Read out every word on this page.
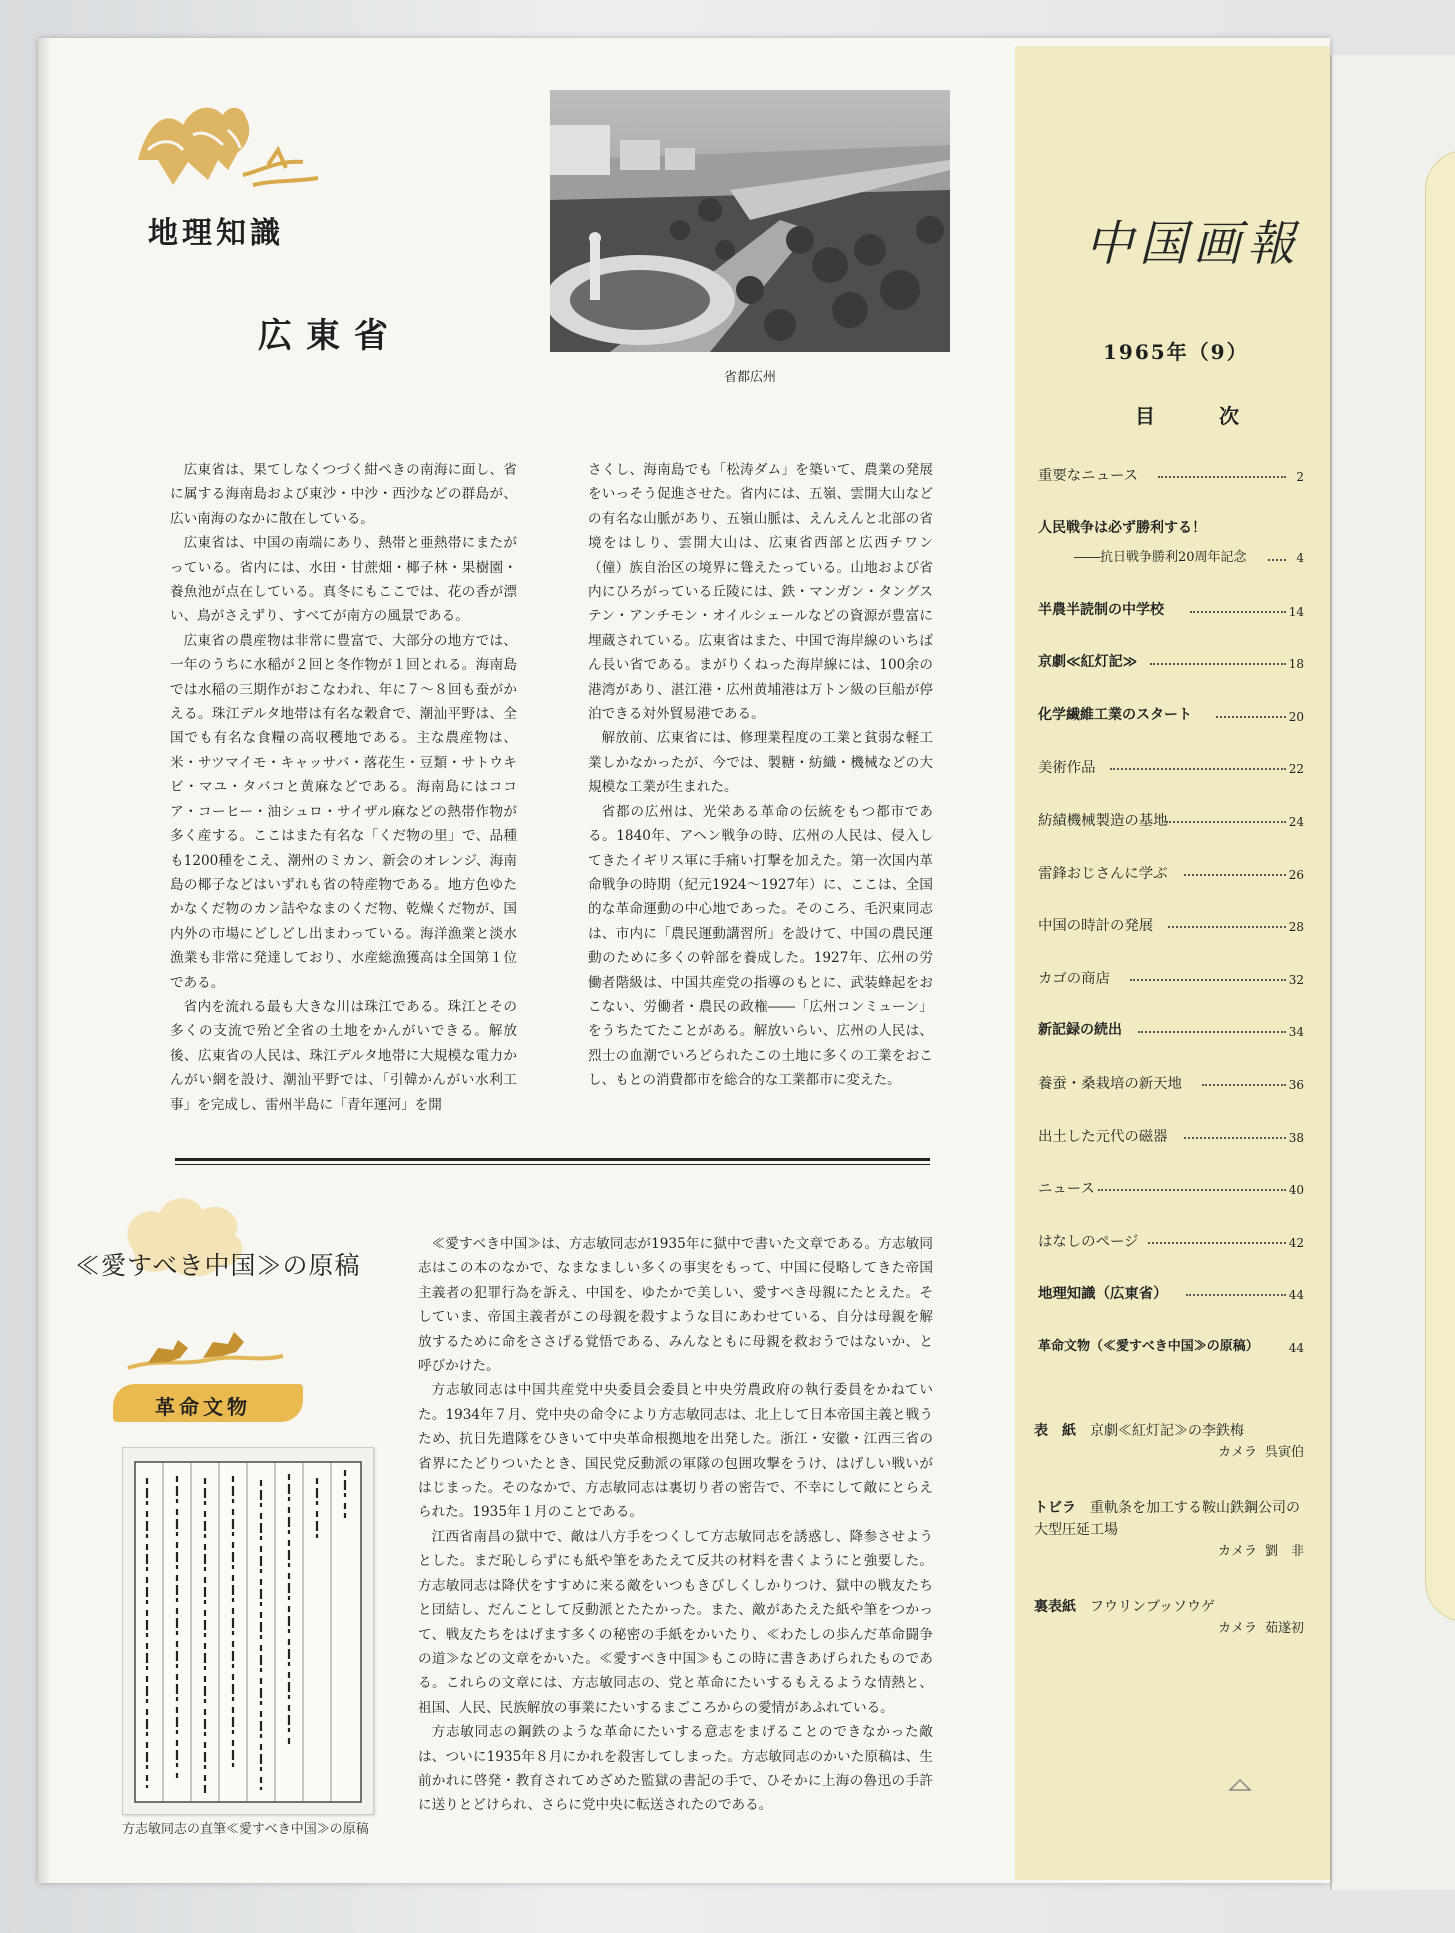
地理知識
広東省
省都広州

広東省は、果てしなくつづく紺ぺきの南海に面し、省に属する海南島および東沙・中沙・西沙などの群島が、広い南海のなかに散在している。

広東省は、中国の南端にあり、熱帯と亜熱帯にまたがっている。省内には、水田・甘蔗畑・椰子林・果樹園・養魚池が点在している。真冬にもここでは、花の香が漂い、鳥がさえずり、すべてが南方の風景である。

広東省の農産物は非常に豊富で、大部分の地方では、一年のうちに水稲が２回と冬作物が１回とれる。海南島では水稲の三期作がおこなわれ、年に７～８回も蚕がかえる。珠江デルタ地帯は有名な穀倉で、潮汕平野は、全国でも有名な食糧の高収穫地である。主な農産物は、米・サツマイモ・キャッサバ・落花生・豆類・サトウキビ・マユ・タバコと黄麻などである。海南島にはココア・コーヒー・油シュロ・サイザル麻などの熱帯作物が多く産する。ここはまた有名な「くだ物の里」で、品種も1200種をこえ、潮州のミカン、新会のオレンジ、海南島の椰子などはいずれも省の特産物である。地方色ゆたかなくだ物のカン詰やなまのくだ物、乾燥くだ物が、国内外の市場にどしどし出まわっている。海洋漁業と淡水漁業も非常に発達しており、水産総漁獲高は全国第１位である。

省内を流れる最も大きな川は珠江である。珠江とその多くの支流で殆ど全省の土地をかんがいできる。解放後、広東省の人民は、珠江デルタ地帯に大規模な電力かんがい網を設け、潮汕平野では、「引韓かんがい水利工事」を完成し、雷州半島に「青年運河」を開

さくし、海南島でも「松涛ダム」を築いて、農業の発展をいっそう促進させた。省内には、五嶺、雲開大山などの有名な山脈があり、五嶺山脈は、えんえんと北部の省境をはしり、雲開大山は、広東省西部と広西チワン（僮）族自治区の境界に聳えたっている。山地および省内にひろがっている丘陵には、鉄・マンガン・タングステン・アンチモン・オイルシェールなどの資源が豊富に埋蔵されている。広東省はまた、中国で海岸線のいちばん長い省である。まがりくねった海岸線には、100余の港湾があり、湛江港・広州黄埔港は万トン級の巨船が停泊できる対外貿易港である。

解放前、広東省には、修理業程度の工業と貧弱な軽工業しかなかったが、今では、製糖・紡織・機械などの大規模な工業が生まれた。

省都の広州は、光栄ある革命の伝統をもつ都市である。1840年、アヘン戦争の時、広州の人民は、侵入してきたイギリス軍に手痛い打撃を加えた。第一次国内革命戦争の時期（紀元1924～1927年）に、ここは、全国的な革命運動の中心地であった。そのころ、毛沢東同志は、市内に「農民運動講習所」を設けて、中国の農民運動のために多くの幹部を養成した。1927年、広州の労働者階級は、中国共産党の指導のもとに、武装蜂起をおこない、労働者・農民の政権――「広州コンミューン」をうちたてたことがある。解放いらい、広州の人民は、烈士の血潮でいろどられたこの土地に多くの工業をおこし、もとの消費都市を総合的な工業都市に変えた。

≪愛すべき中国≫の原稿
革命文物
方志敏同志の直筆≪愛すべき中国≫の原稿

≪愛すべき中国≫は、方志敏同志が1935年に獄中で書いた文章である。方志敏同志はこの本のなかで、なまなましい多くの事実をもって、中国に侵略してきた帝国主義者の犯罪行為を訴え、中国を、ゆたかで美しい、愛すべき母親にたとえた。そしていま、帝国主義者がこの母親を殺すような目にあわせている、自分は母親を解放するために命をささげる覚悟である、みんなともに母親を救おうではないか、と呼びかけた。

方志敏同志は中国共産党中央委員会委員と中央労農政府の執行委員をかねていた。1934年７月、党中央の命令により方志敏同志は、北上して日本帝国主義と戦うため、抗日先遣隊をひきいて中央革命根拠地を出発した。浙江・安徽・江西三省の省界にたどりついたとき、国民党反動派の軍隊の包囲攻撃をうけ、はげしい戦いがはじまった。そのなかで、方志敏同志は裏切り者の密告で、不幸にして敵にとらえられた。1935年１月のことである。

江西省南昌の獄中で、敵は八方手をつくして方志敏同志を誘惑し、降参させようとした。まだ恥しらずにも紙や筆をあたえて反共の材料を書くようにと強要した。方志敏同志は降伏をすすめに来る敵をいつもきびしくしかりつけ、獄中の戦友たちと団結し、だんことして反動派とたたかった。また、敵があたえた紙や筆をつかって、戦友たちをはげます多くの秘密の手紙をかいたり、≪わたしの歩んだ革命闘争の道≫などの文章をかいた。≪愛すべき中国≫もこの時に書きあげられたものである。これらの文章には、方志敏同志の、党と革命にたいするもえるような情熱と、祖国、人民、民族解放の事業にたいするまごころからの愛情があふれている。

方志敏同志の鋼鉄のような革命にたいする意志をまげることのできなかった敵は、ついに1935年８月にかれを殺害してしまった。方志敏同志のかいた原稿は、生前かれに啓発・教育されてめざめた監獄の書記の手で、ひそかに上海の魯迅の手許に送りとどけられ、さらに党中央に転送されたのである。

中国画報
1965年（9）
目　次
重要なニュース	2
人民戦争は必ず勝利する！
――抗日戦争勝利20周年記念	4
半農半読制の中学校	14
京劇≪紅灯記≫	18
化学繊維工業のスタート	20
美術作品	22
紡績機械製造の基地	24
雷鋒おじさんに学ぶ	26
中国の時計の発展	28
カゴの商店	32
新記録の続出	34
養蚕・桑栽培の新天地	36
出土した元代の磁器	38
ニュース	40
はなしのページ	42
地理知識（広東省）	44
革命文物（≪愛すべき中国≫の原稿） 44
表　紙 京劇≪紅灯記≫の李鉄梅
カメラ 呉寅伯
トビラ 重軌条を加工する鞍山鉄鋼公司の大型圧延工場
カメラ 劉　非
裏表紙 フウリンブッソウゲ
カメラ 茹遂初
